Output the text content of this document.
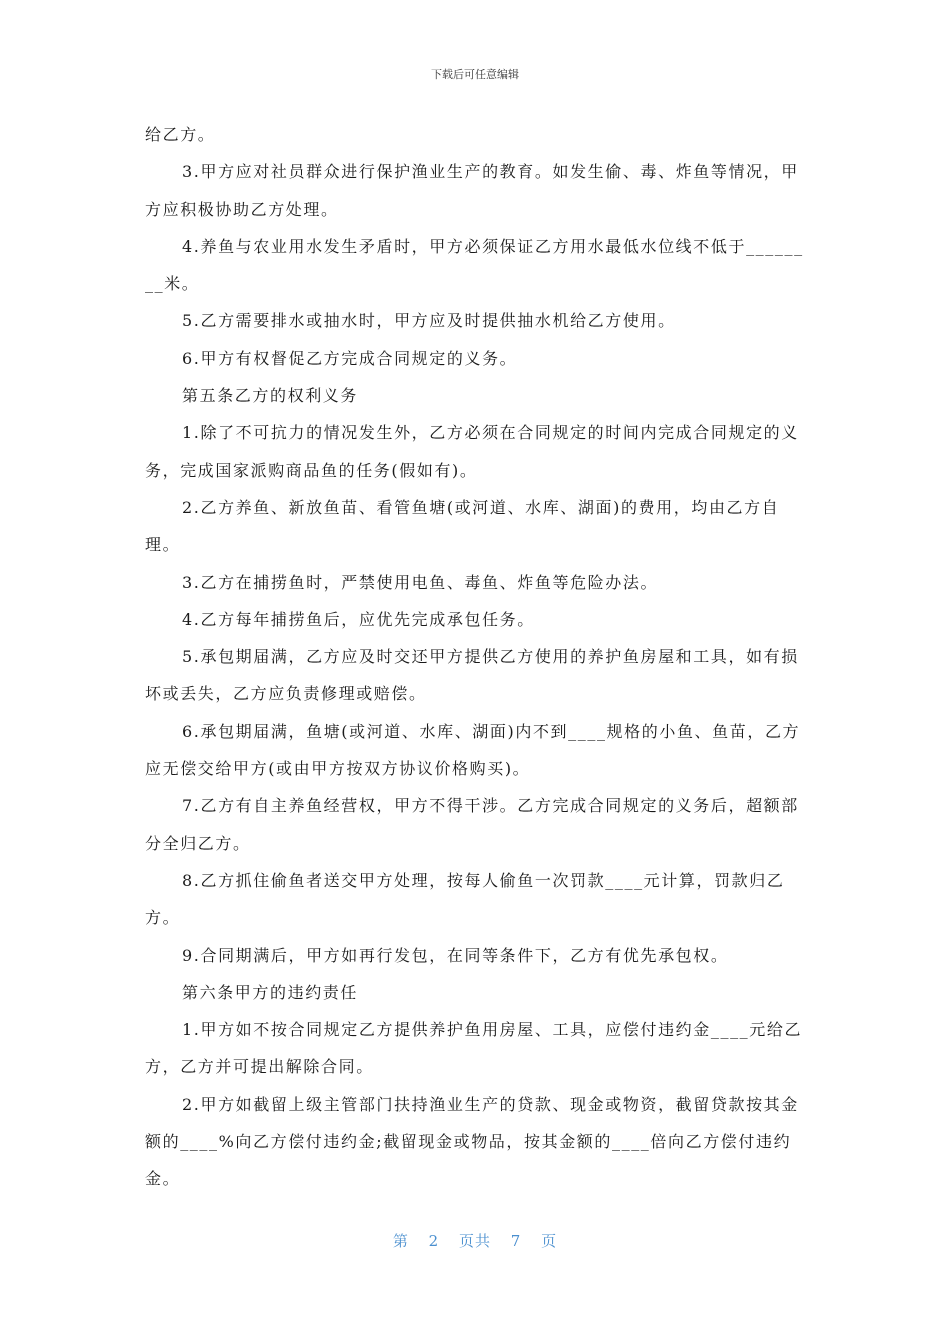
下载后可任意编辑

给乙方。

3.甲方应对社员群众进行保护渔业生产的教育。如发生偷、毒、炸鱼等情况，甲方应积极协助乙方处理。

4.养鱼与农业用水发生矛盾时，甲方必须保证乙方用水最低水位线不低于________米。

5.乙方需要排水或抽水时，甲方应及时提供抽水机给乙方使用。

6.甲方有权督促乙方完成合同规定的义务。

第五条乙方的权利义务

1.除了不可抗力的情况发生外，乙方必须在合同规定的时间内完成合同规定的义务，完成国家派购商品鱼的任务(假如有)。

2.乙方养鱼、新放鱼苗、看管鱼塘(或河道、水库、湖面)的费用，均由乙方自理。

3.乙方在捕捞鱼时，严禁使用电鱼、毒鱼、炸鱼等危险办法。

4.乙方每年捕捞鱼后，应优先完成承包任务。

5.承包期届满，乙方应及时交还甲方提供乙方使用的养护鱼房屋和工具，如有损坏或丢失，乙方应负责修理或赔偿。

6.承包期届满，鱼塘(或河道、水库、湖面)内不到____规格的小鱼、鱼苗，乙方应无偿交给甲方(或由甲方按双方协议价格购买)。

7.乙方有自主养鱼经营权，甲方不得干涉。乙方完成合同规定的义务后，超额部分全归乙方。

8.乙方抓住偷鱼者送交甲方处理，按每人偷鱼一次罚款____元计算，罚款归乙方。

9.合同期满后，甲方如再行发包，在同等条件下，乙方有优先承包权。

第六条甲方的违约责任

1.甲方如不按合同规定乙方提供养护鱼用房屋、工具，应偿付违约金____元给乙方，乙方并可提出解除合同。

2.甲方如截留上级主管部门扶持渔业生产的贷款、现金或物资，截留贷款按其金额的____%向乙方偿付违约金;截留现金或物品，按其金额的____倍向乙方偿付违约金。

第 2 页共 7 页
